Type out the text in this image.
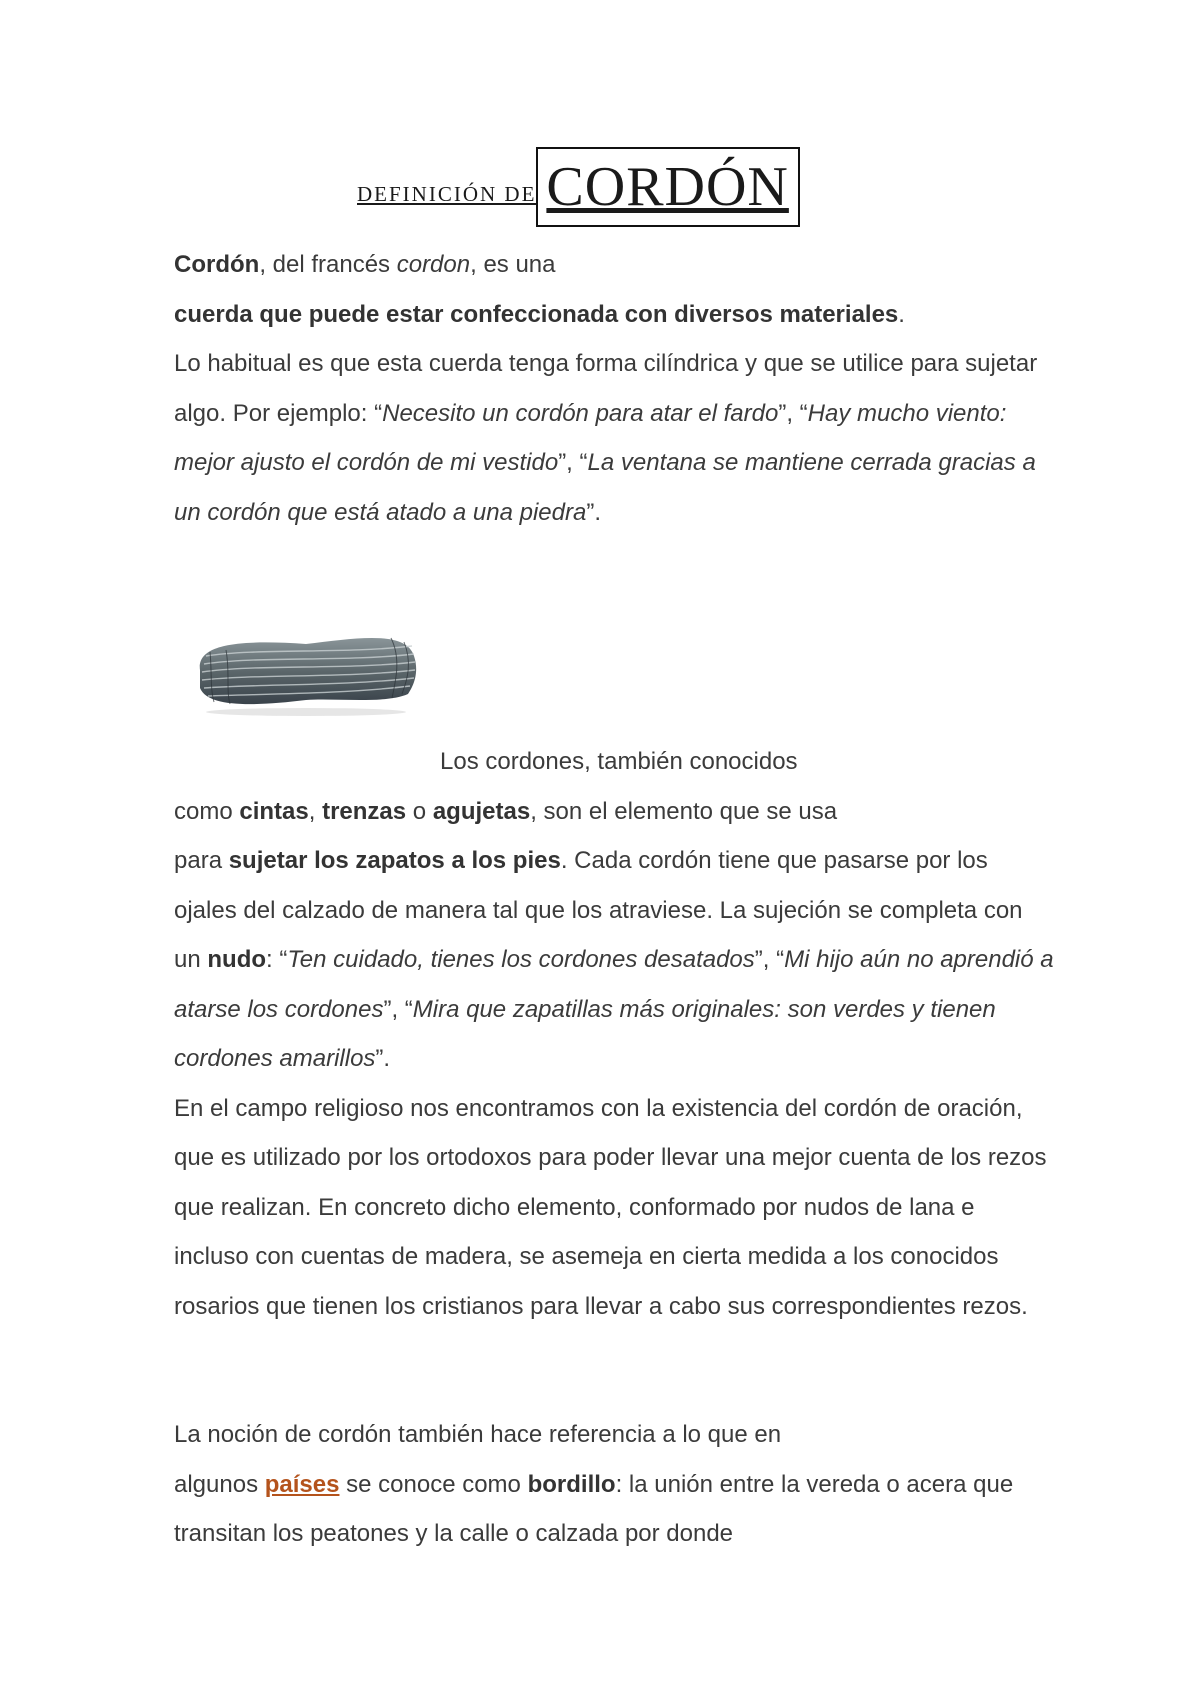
DEFINICIÓN DE CORDÓN

Cordón, del francés cordon, es una

cuerda que puede estar confeccionada con diversos materiales.
Lo habitual es que esta cuerda tenga forma cilíndrica y que se utilice para sujetar algo. Por ejemplo: “Necesito un cordón para atar el fardo”, “Hay mucho viento: mejor ajusto el cordón de mi vestido”, “La ventana se mantiene cerrada gracias a un cordón que está atado a una piedra”.

Los cordones, también conocidos

como cintas, trenzas o agujetas, son el elemento que se usa
para sujetar los zapatos a los pies. Cada cordón tiene que pasarse por los ojales del calzado de manera tal que los atraviese. La sujeción se completa con un nudo: “Ten cuidado, tienes los cordones desatados”, “Mi hijo aún no aprendió a atarse los cordones”, “Mira que zapatillas más originales: son verdes y tienen cordones amarillos”.

En el campo religioso nos encontramos con la existencia del cordón de oración, que es utilizado por los ortodoxos para poder llevar una mejor cuenta de los rezos que realizan. En concreto dicho elemento, conformado por nudos de lana e incluso con cuentas de madera, se asemeja en cierta medida a los conocidos rosarios que tienen los cristianos para llevar a cabo sus correspondientes rezos.

La noción de cordón también hace referencia a lo que en

algunos países se conoce como bordillo: la unión entre la vereda o acera que transitan los peatones y la calle o calzada por donde
